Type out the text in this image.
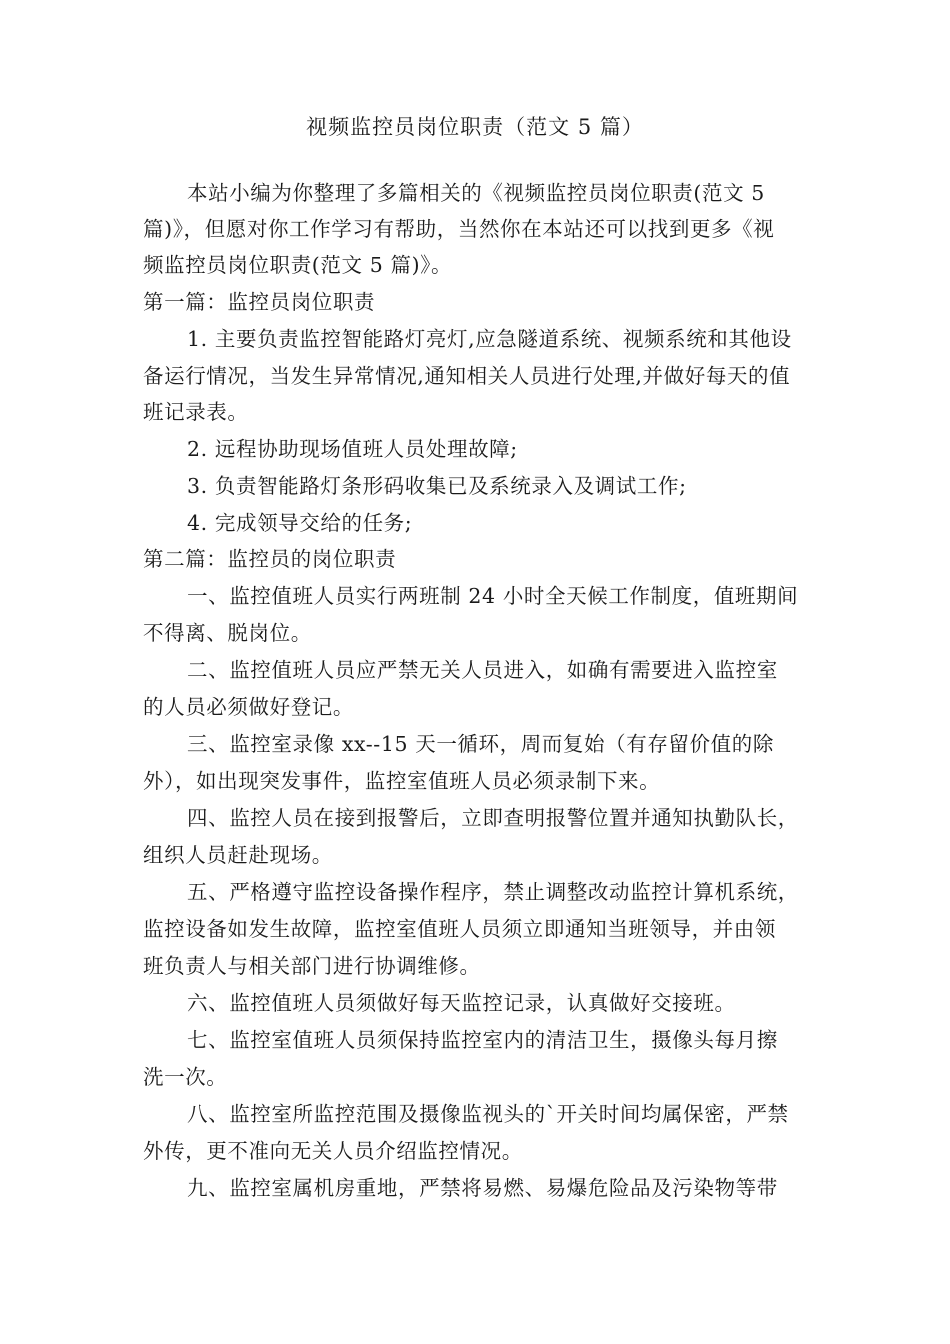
视频监控员岗位职责（范文 5 篇）
本站小编为你整理了多篇相关的《视频监控员岗位职责(范文 5
篇)》，但愿对你工作学习有帮助，当然你在本站还可以找到更多《视
频监控员岗位职责(范文 5 篇)》。
第一篇：监控员岗位职责
1. 主要负责监控智能路灯亮灯,应急隧道系统、视频系统和其他设
备运行情况，当发生异常情况,通知相关人员进行处理,并做好每天的值
班记录表。
2. 远程协助现场值班人员处理故障;
3. 负责智能路灯条形码收集已及系统录入及调试工作;
4. 完成领导交给的任务;
第二篇：监控员的岗位职责
一、监控值班人员实行两班制 24 小时全天候工作制度，值班期间
不得离、脱岗位。
二、监控值班人员应严禁无关人员进入，如确有需要进入监控室
的人员必须做好登记。
三、监控室录像 xx--15 天一循环，周而复始（有存留价值的除
外），如出现突发事件，监控室值班人员必须录制下来。
四、监控人员在接到报警后，立即查明报警位置并通知执勤队长，
组织人员赶赴现场。
五、严格遵守监控设备操作程序，禁止调整改动监控计算机系统，
监控设备如发生故障，监控室值班人员须立即通知当班领导，并由领
班负责人与相关部门进行协调维修。
六、监控值班人员须做好每天监控记录，认真做好交接班。
七、监控室值班人员须保持监控室内的清洁卫生，摄像头每月擦
洗一次。
八、监控室所监控范围及摄像监视头的`开关时间均属保密，严禁
外传，更不准向无关人员介绍监控情况。
九、监控室属机房重地，严禁将易燃、易爆危险品及污染物等带
